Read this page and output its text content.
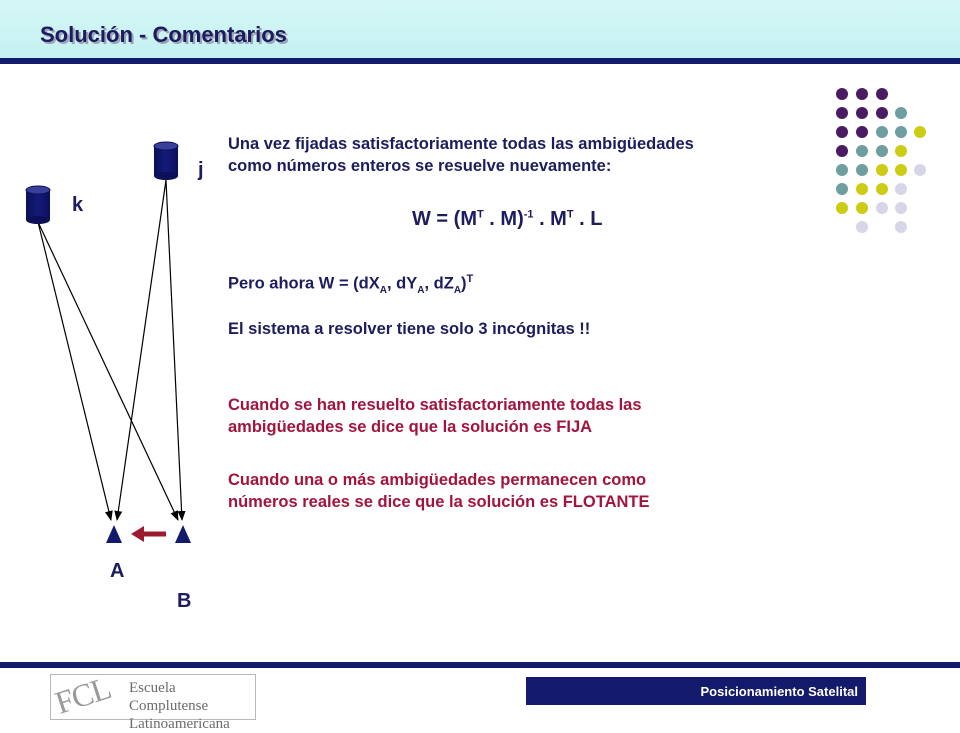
Solución - Comentarios
j
k
A
B

Una vez fijadas satisfactoriamente todas las ambigüedades
como números enteros se resuelve nuevamente:

$W = (M^T$ . M)$^{-1}$ . $M^T$ . L

Pero ahora $W = (dX_A$, $dY_A$, $dZ_A)^T$

El sistema a resolver tiene solo 3 incógnitas !!

Cuando se han resuelto satisfactoriamente todas las
ambigüedades se dice que la solución es FIJA

Cuando una o más ambigüedades permanecen como
números reales se dice que la solución es FLOTANTE

FCL Escuela Complutense
Latinoamericana
Posicionamiento Satelital
